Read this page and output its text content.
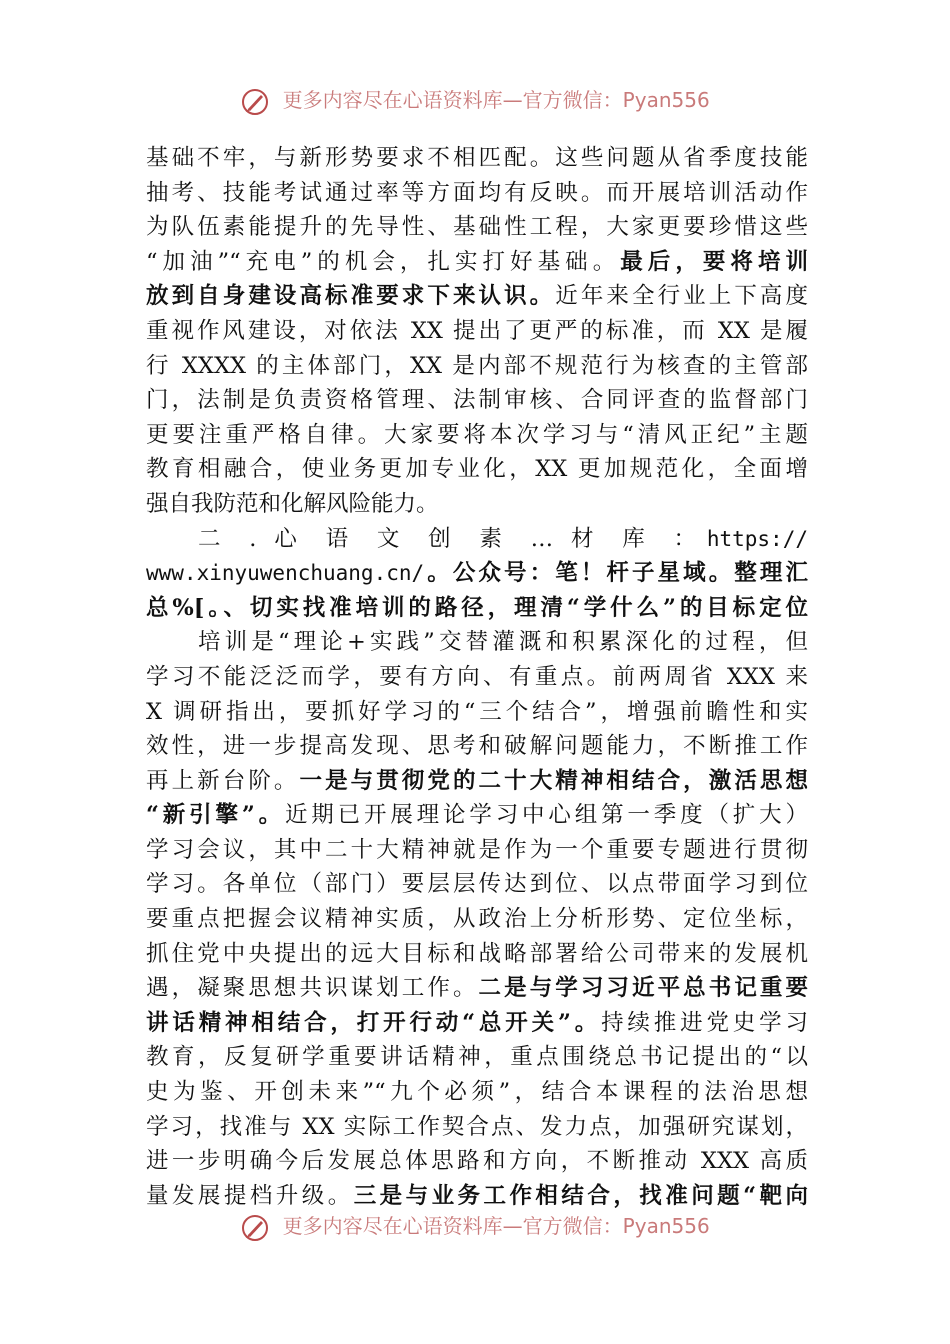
更多内容尽在心语资料库—官方微信：Pyan556
基础不牢，与新形势要求不相匹配。这些问题从省季度技能
抽考、技能考试通过率等方面均有反映。而开展培训活动作
为队伍素能提升的先导性、基础性工程，大家更要珍惜这些
“加油”“充电”的机会，扎实打好基础。最后，要将培训
放到自身建设高标准要求下来认识。近年来全行业上下高度
重视作风建设，对依法 XX 提出了更严的标准，而 XX 是履
行 XXXX 的主体部门，XX 是内部不规范行为核查的主管部
门，法制是负责资格管理、法制审核、合同评查的监督部门
更要注重严格自律。大家要将本次学习与“清风正纪”主题
教育相融合，使业务更加专业化，XX 更加规范化，全面增
强自我防范和化解风险能力。
二 . 心 语 文 创 素 … 材 库 ：https://
www.xinyuwenchuang.cn/。公众号：笔！杆子星域。整理汇
总%[。、切实找准培训的路径，理清“学什么”的目标定位
培训是“理论+实践”交替灌溉和积累深化的过程，但
学习不能泛泛而学，要有方向、有重点。前两周省 XXX 来
X 调研指出，要抓好学习的“三个结合”，增强前瞻性和实
效性，进一步提高发现、思考和破解问题能力，不断推工作
再上新台阶。一是与贯彻党的二十大精神相结合，激活思想
“新引擎”。近期已开展理论学习中心组第一季度（扩大）
学习会议，其中二十大精神就是作为一个重要专题进行贯彻
学习。各单位（部门）要层层传达到位、以点带面学习到位
要重点把握会议精神实质，从政治上分析形势、定位坐标，
抓住党中央提出的远大目标和战略部署给公司带来的发展机
遇，凝聚思想共识谋划工作。二是与学习习近平总书记重要
讲话精神相结合，打开行动“总开关”。持续推进党史学习
教育，反复研学重要讲话精神，重点围绕总书记提出的“以
史为鉴、开创未来”“九个必须”，结合本课程的法治思想
学习，找准与 XX 实际工作契合点、发力点，加强研究谋划，
进一步明确今后发展总体思路和方向，不断推动 XXX 高质
量发展提档升级。三是与业务工作相结合，找准问题“靶向
更多内容尽在心语资料库—官方微信：Pyan556
